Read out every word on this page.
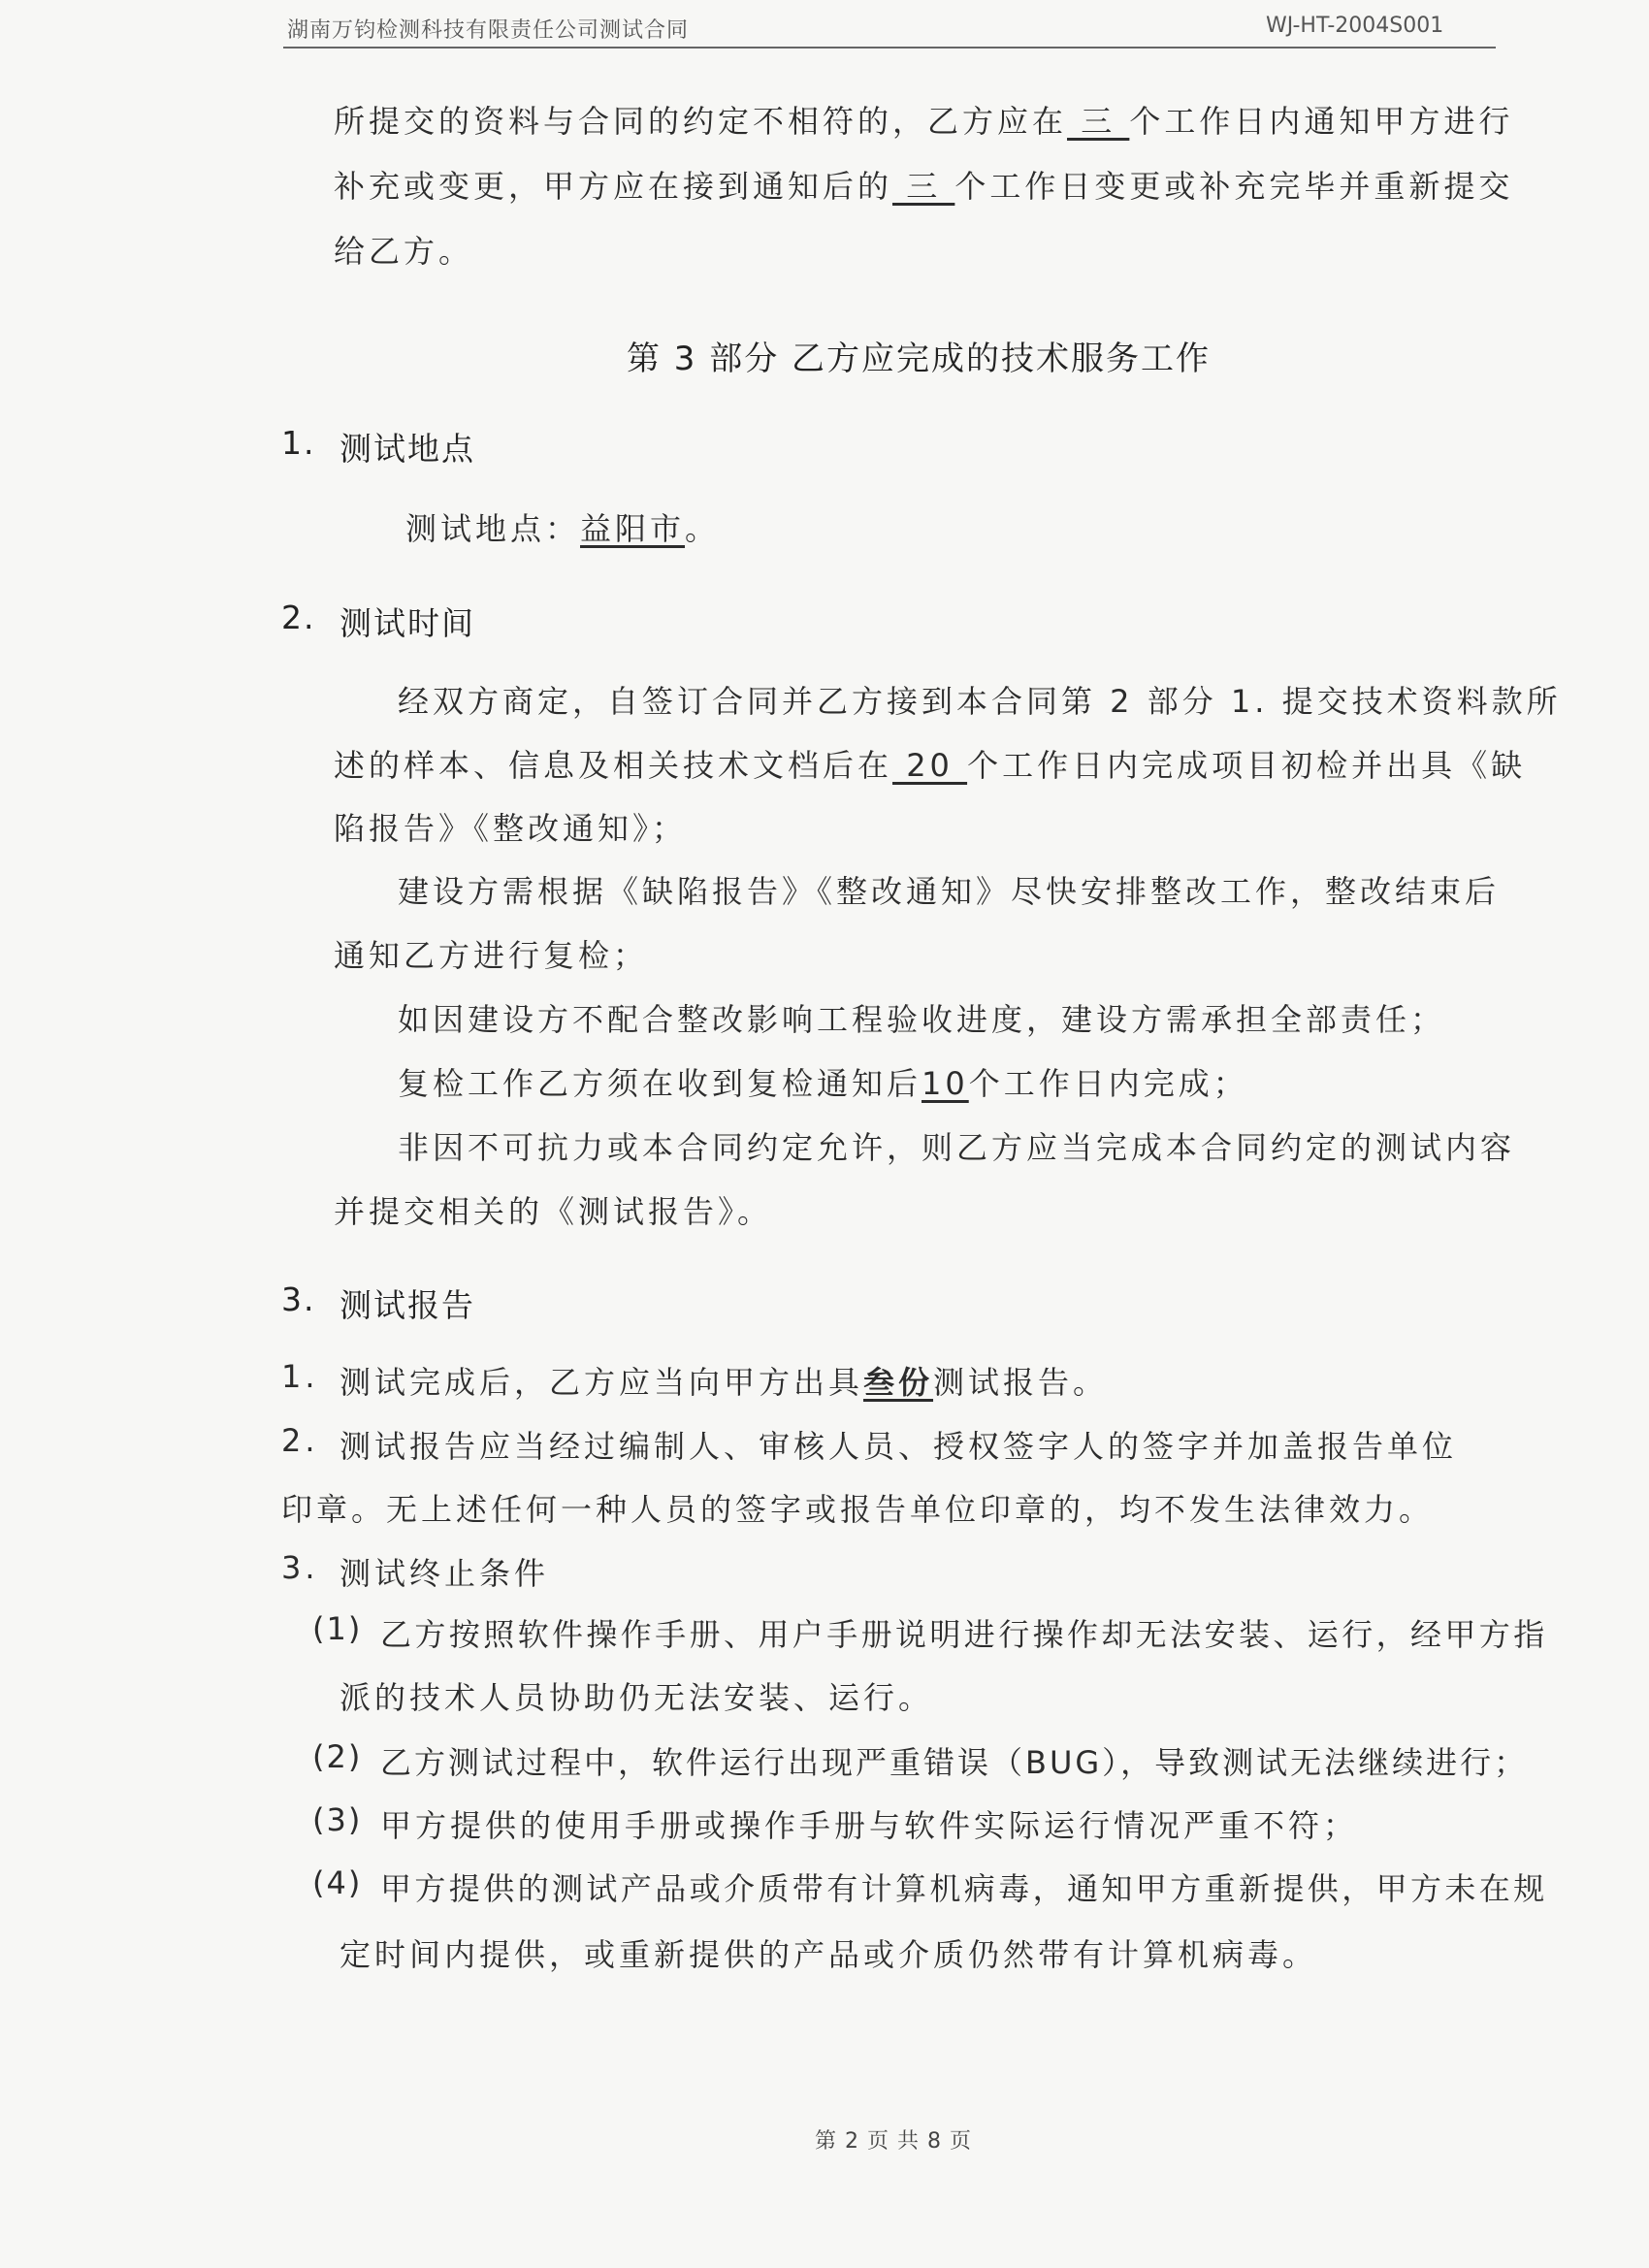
湖南万钧检测科技有限责任公司测试合同	WJ-HT-2004S001
所提交的资料与合同的约定不相符的，乙方应在 三 个工作日内通知甲方进行
补充或变更，甲方应在接到通知后的 三 个工作日变更或补充完毕并重新提交
给乙方。
第 3 部分 乙方应完成的技术服务工作
1. 测试地点
测试地点：益阳市。
2. 测试时间
经双方商定，自签订合同并乙方接到本合同第 2 部分 1. 提交技术资料款所
述的样本、信息及相关技术文档后在 20 个工作日内完成项目初检并出具《缺
陷报告》《整改通知》；
建设方需根据《缺陷报告》《整改通知》尽快安排整改工作，整改结束后
通知乙方进行复检；
如因建设方不配合整改影响工程验收进度，建设方需承担全部责任；
复检工作乙方须在收到复检通知后10个工作日内完成；
非因不可抗力或本合同约定允许，则乙方应当完成本合同约定的测试内容
并提交相关的《测试报告》。
3. 测试报告
1. 测试完成后，乙方应当向甲方出具叁份测试报告。
2. 测试报告应当经过编制人、审核人员、授权签字人的签字并加盖报告单位
印章。无上述任何一种人员的签字或报告单位印章的，均不发生法律效力。
3. 测试终止条件
(1) 乙方按照软件操作手册、用户手册说明进行操作却无法安装、运行，经甲方指
派的技术人员协助仍无法安装、运行。
(2) 乙方测试过程中，软件运行出现严重错误（BUG），导致测试无法继续进行；
(3) 甲方提供的使用手册或操作手册与软件实际运行情况严重不符；
(4) 甲方提供的测试产品或介质带有计算机病毒，通知甲方重新提供，甲方未在规
定时间内提供，或重新提供的产品或介质仍然带有计算机病毒。
第 2 页 共 8 页
